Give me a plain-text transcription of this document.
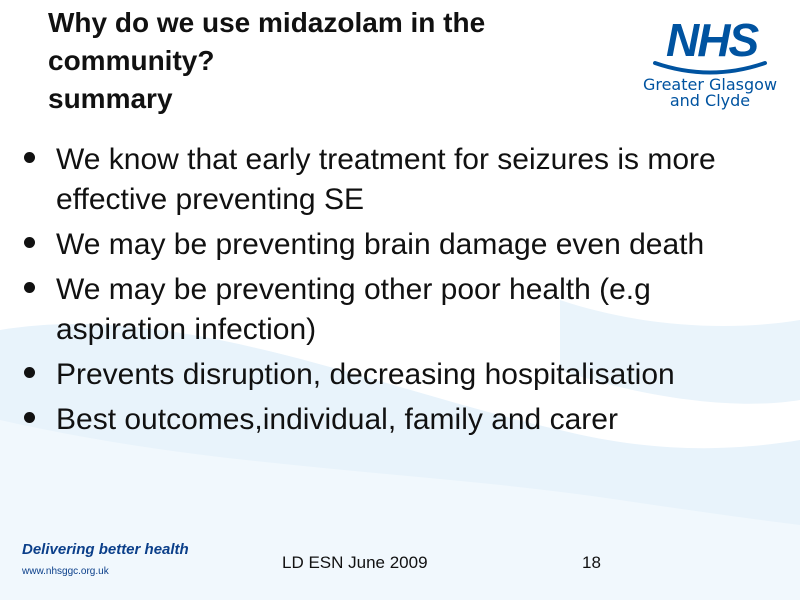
Why do we use midazolam in the
community?
summary
NHS
Greater Glasgow
and Clyde
We know that early treatment for seizures is more effective preventing SE
We may be preventing brain damage even death
We may be preventing other poor health (e.g aspiration infection)
Prevents disruption, decreasing hospitalisation
Best outcomes,individual, family and carer
Delivering better health
www.nhsggc.org.uk	LD ESN June 2009	18
